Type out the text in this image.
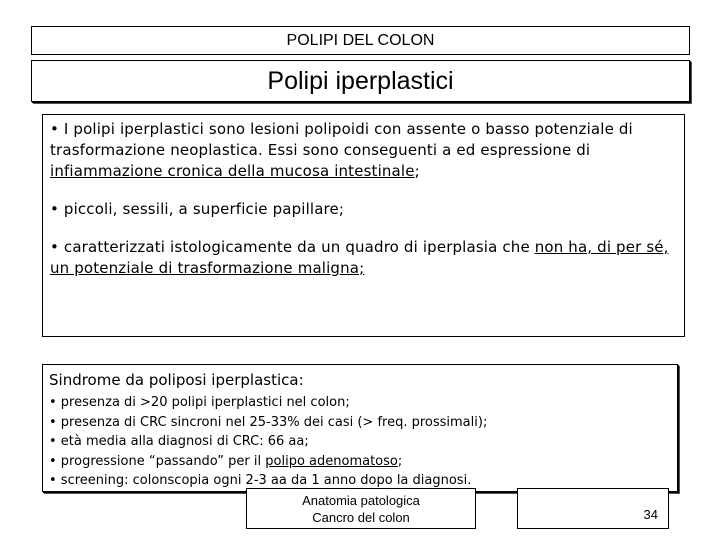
POLIPI DEL COLON
Polipi iperplastici

• I polipi iperplastici sono lesioni polipoidi con assente o basso potenziale di trasformazione neoplastica. Essi sono conseguenti a ed espressione di infiammazione cronica della mucosa intestinale;

• piccoli, sessili, a superficie papillare;

• caratterizzati istologicamente da un quadro di iperplasia che non ha, di per sé, un potenziale di trasformazione maligna;

Sindrome da poliposi iperplastica:
• presenza di >20 polipi iperplastici nel colon;
• presenza di CRC sincroni nel 25-33% dei casi (> freq. prossimali);
• età media alla diagnosi di CRC: 66 aa;
• progressione “passando” per il polipo adenomatoso;
• screening: colonscopia ogni 2-3 aa da 1 anno dopo la diagnosi.
Anatomia patologica
Cancro del colon	34
